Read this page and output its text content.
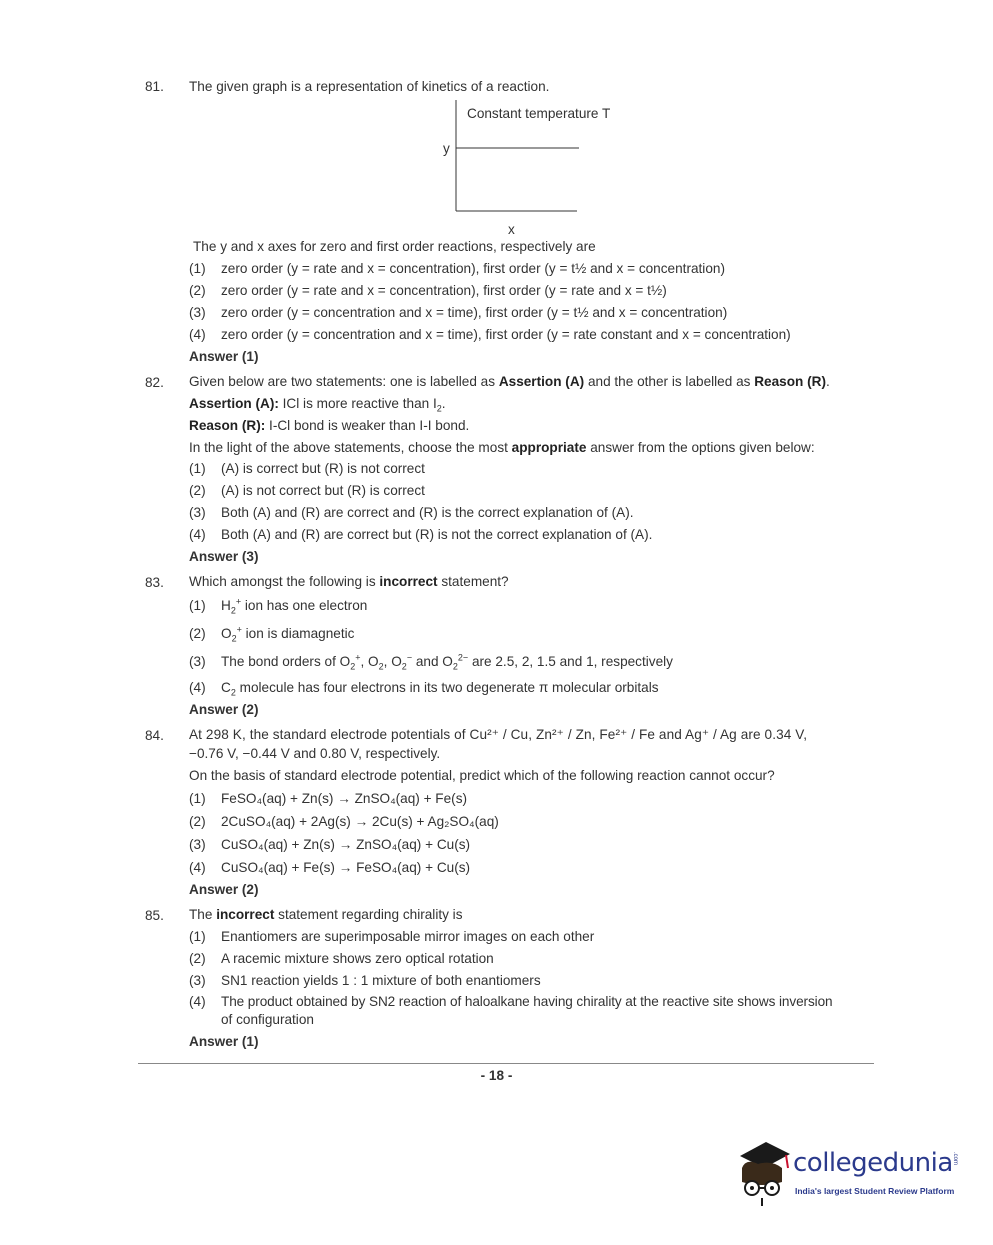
81. The given graph is a representation of kinetics of a reaction.
Constant temperature T
y
x
The y and x axes for zero and first order reactions, respectively are
(1) zero order (y = rate and x = concentration), first order (y = t½ and x = concentration)
(2) zero order (y = rate and x = concentration), first order (y = rate and x = t½)
(3) zero order (y = concentration and x = time), first order (y = t½ and x = concentration)
(4) zero order (y = concentration and x = time), first order (y = rate constant and x = concentration)
Answer (1)
82. Given below are two statements: one is labelled as Assertion (A) and the other is labelled as Reason (R).
Assertion (A): ICl is more reactive than $I_2$.
Reason (R): I-Cl bond is weaker than I-I bond.
In the light of the above statements, choose the most appropriate answer from the options given below:
(1) (A) is correct but (R) is not correct
(2) (A) is not correct but (R) is correct
(3) Both (A) and (R) are correct and (R) is the correct explanation of (A).
(4) Both (A) and (R) are correct but (R) is not the correct explanation of (A).
Answer (3)
83. Which amongst the following is incorrect statement?
(1) $H_2^+$ ion has one electron
(2) $O_2^+$ ion is diamagnetic
(3) The bond orders of $O_2^+$, $O_2$, $O_2^-$ and $O_2^{2-}$ are 2.5, 2, 1.5 and 1, respectively
(4) $C_2$ molecule has four electrons in its two degenerate π molecular orbitals
Answer (2)
84. At 298 K, the standard electrode potentials of Cu²⁺ / Cu, Zn²⁺ / Zn, Fe²⁺ / Fe and Ag⁺ / Ag are 0.34 V,
−0.76 V, −0.44 V and 0.80 V, respectively.
On the basis of standard electrode potential, predict which of the following reaction cannot occur?
(1) FeSO₄(aq) + Zn(s) → ZnSO₄(aq) + Fe(s)
(2) 2CuSO₄(aq) + 2Ag(s) → 2Cu(s) + Ag₂SO₄(aq)
(3) CuSO₄(aq) + Zn(s) → ZnSO₄(aq) + Cu(s)
(4) CuSO₄(aq) + Fe(s) → FeSO₄(aq) + Cu(s)
Answer (2)
85. The incorrect statement regarding chirality is
(1) Enantiomers are superimposable mirror images on each other
(2) A racemic mixture shows zero optical rotation
(3) SN1 reaction yields 1 : 1 mixture of both enantiomers
(4) The product obtained by SN2 reaction of haloalkane having chirality at the reactive site shows inversion
of configuration
Answer (1)
- 18 -
collegedunia .com
India's largest Student Review Platform
